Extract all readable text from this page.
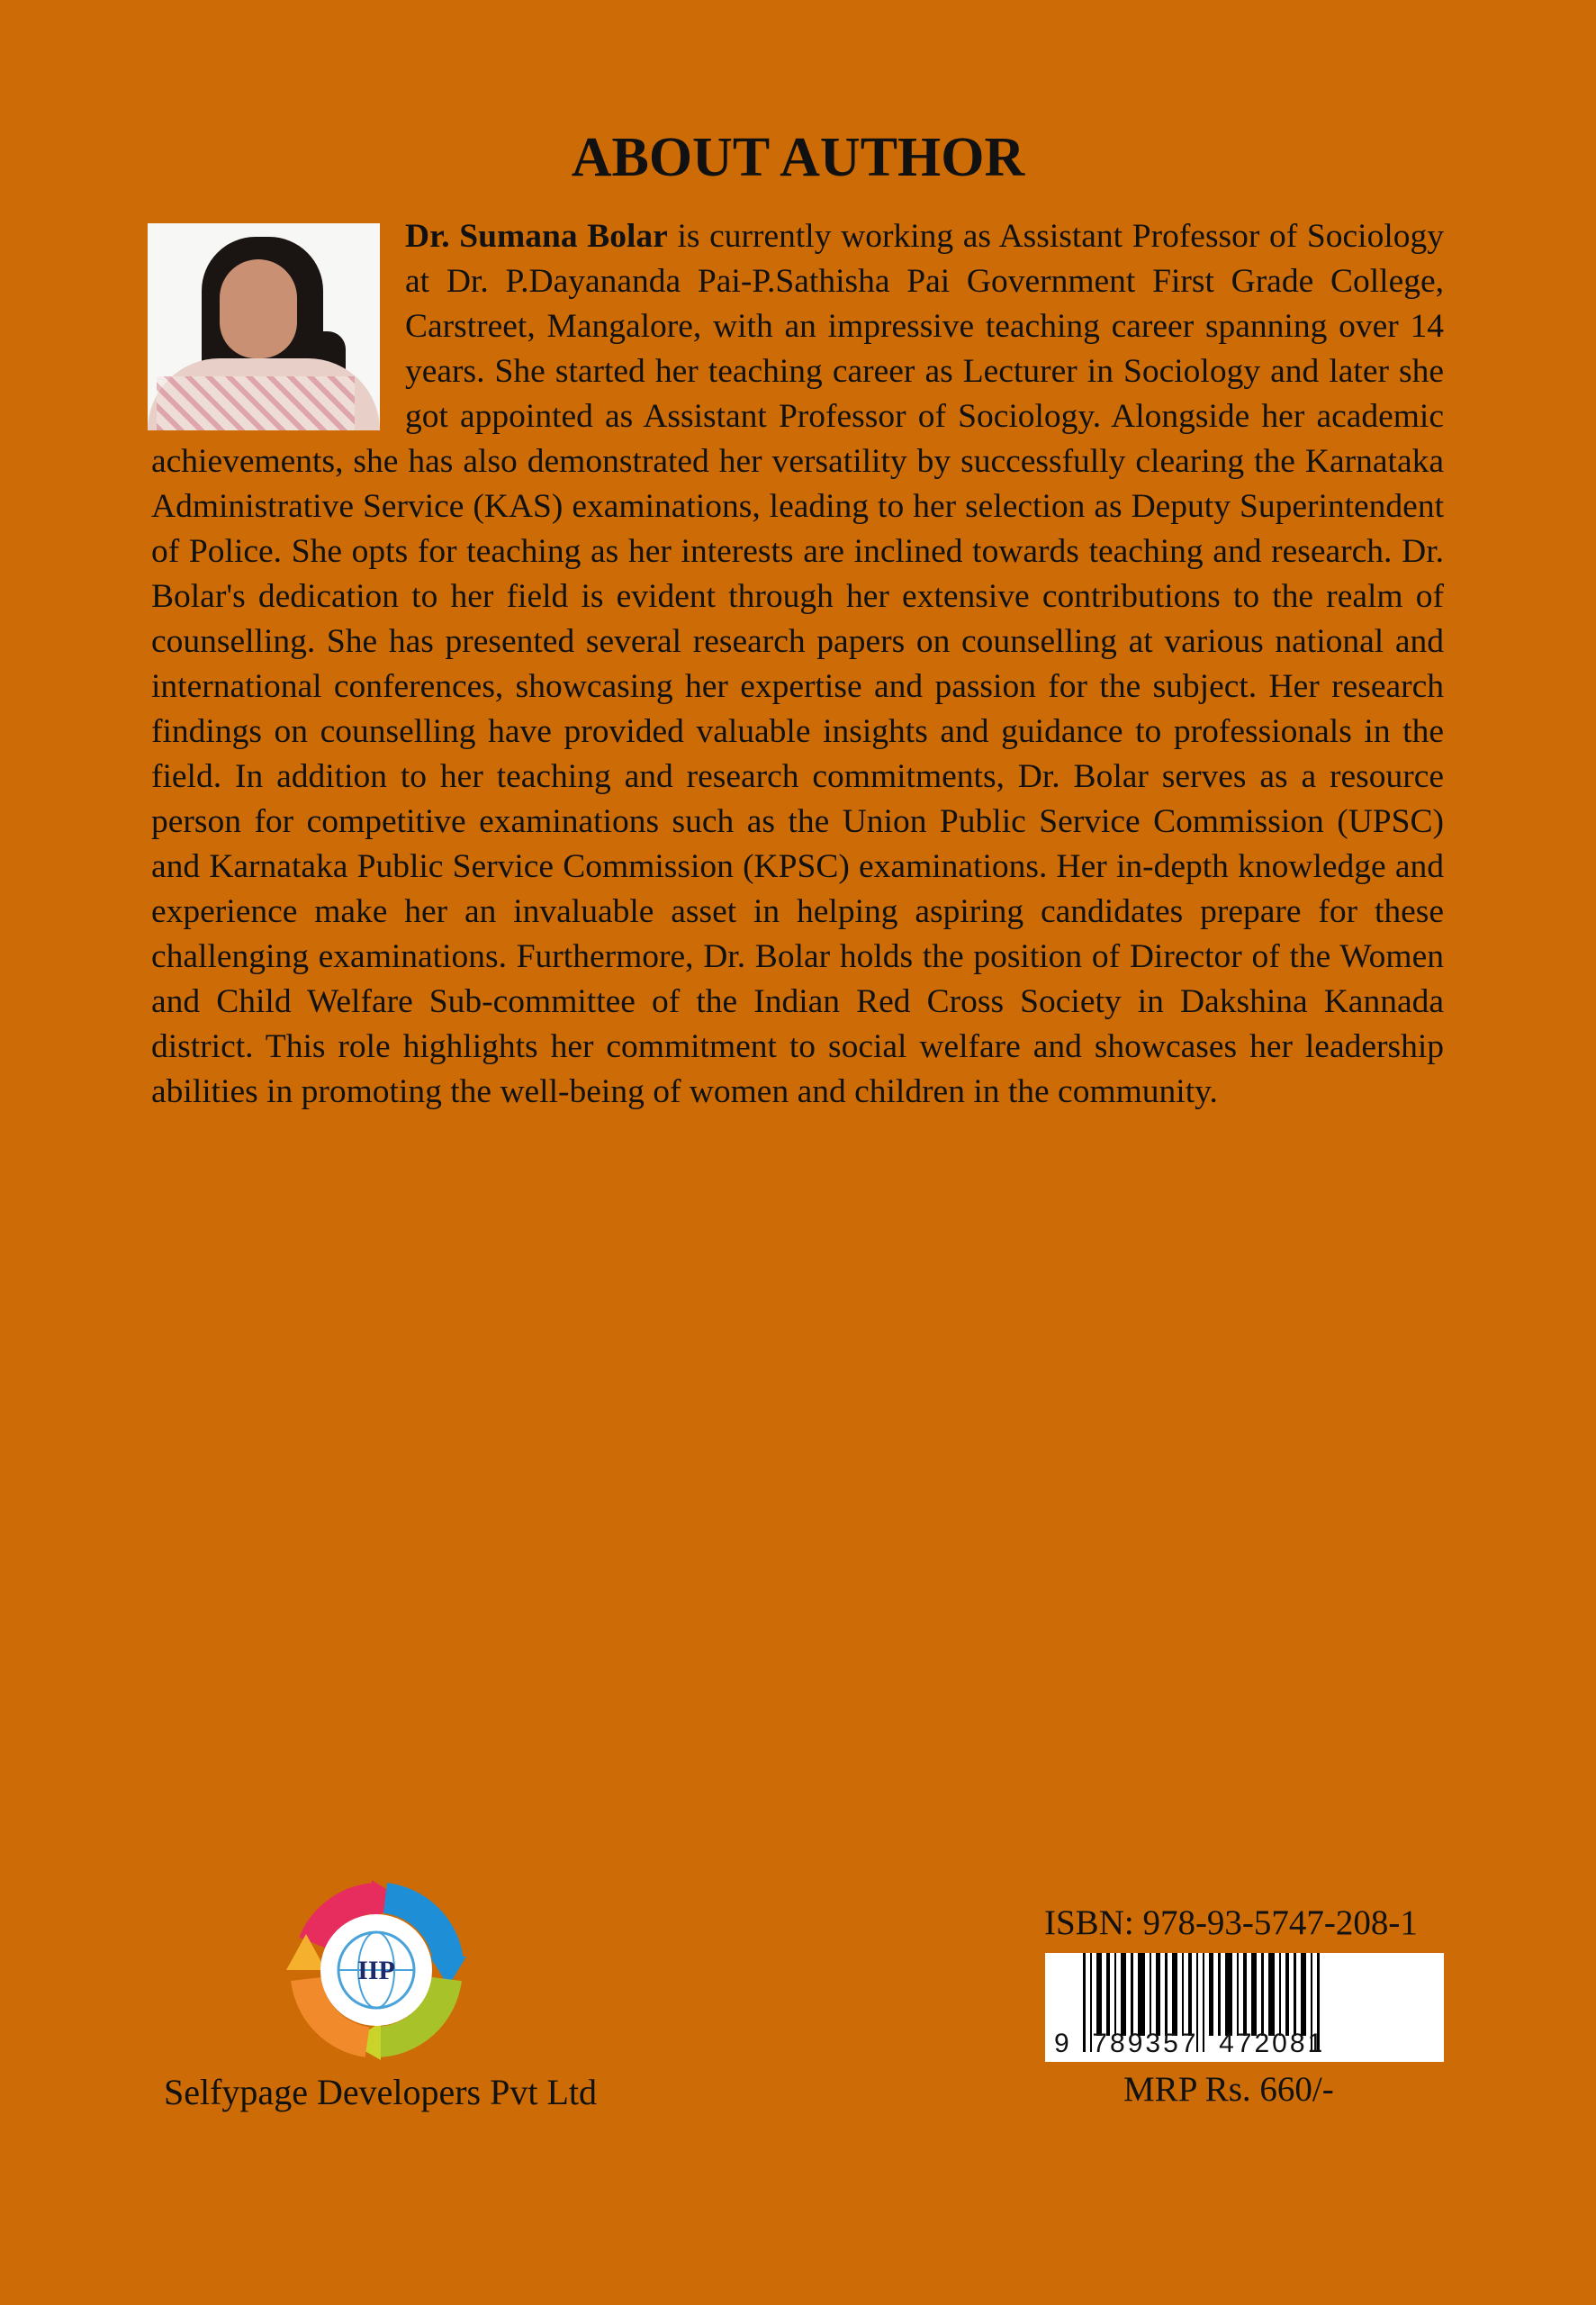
ABOUT AUTHOR
Dr. Sumana Bolar is currently working as Assistant Professor of Sociology at Dr. P.Dayananda Pai-P.Sathisha Pai Government First Grade College, Carstreet, Mangalore, with an impressive teaching career spanning over 14 years. She started her teaching career as Lecturer in Sociology and later she got appointed as Assistant Professor of Sociology. Alongside her academic achievements, she has also demonstrated her versatility by successfully clearing the Karnataka Administrative Service (KAS) examinations, leading to her selection as Deputy Superintendent of Police. She opts for teaching as her interests are inclined towards teaching and research. Dr. Bolar's dedication to her field is evident through her extensive contributions to the realm of counselling. She has presented several research papers on counselling at various national and international conferences, showcasing her expertise and passion for the subject. Her research findings on counselling have provided valuable insights and guidance to professionals in the field. In addition to her teaching and research commitments, Dr. Bolar serves as a resource person for competitive examinations such as the Union Public Service Commission (UPSC) and Karnataka Public Service Commission (KPSC) examinations. Her in-depth knowledge and experience make her an invaluable asset in helping aspiring candidates prepare for these challenging examinations. Furthermore, Dr. Bolar holds the position of Director of the Women and Child Welfare Sub-committee of the Indian Red Cross Society in Dakshina Kannada district. This role highlights her commitment to social welfare and showcases her leadership abilities in promoting the well-being of women and children in the community.
IIP
Selfypage Developers Pvt Ltd
ISBN: 978-93-5747-208-1
9  789357  472081
MRP Rs. 660/-
